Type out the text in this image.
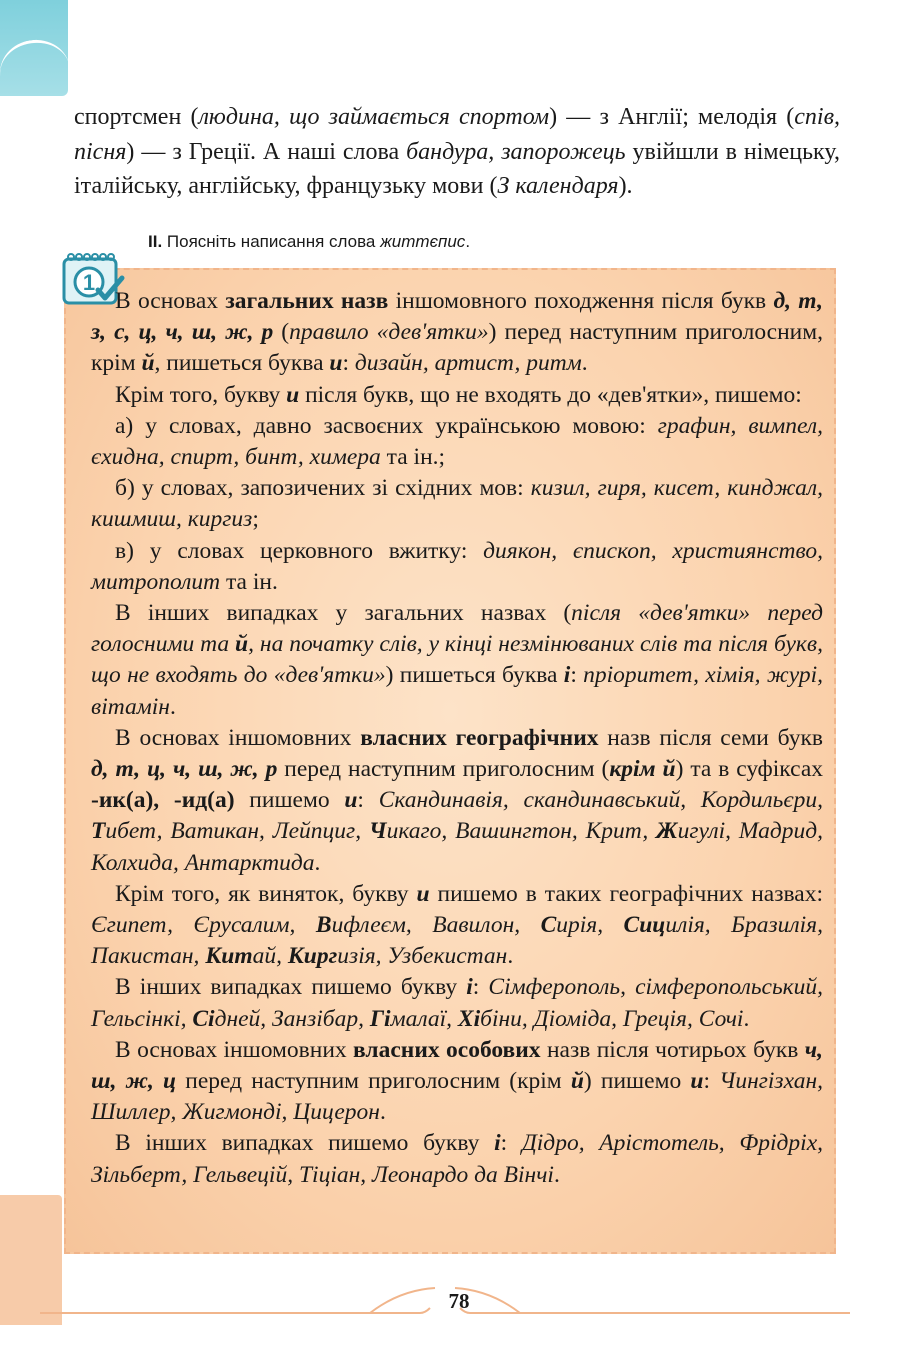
спортсмен (людина, що займається спортом) — з Англії; мелодія (спів, пісня) — з Греції. А наші слова бандура, запорожець увійшли в німецьку, італійську, англійську, французьку мови (З календаря).

II. Поясніть написання слова життєпис.
1

В основах загальних назв іншомовного походження після букв д, т, з, с, ц, ч, ш, ж, р (правило «дев'ятки») перед наступним приголосним, крім й, пишеться буква и: дизайн, артист, ритм.

Крім того, букву и після букв, що не входять до «дев'ятки», пишемо:

а) у словах, давно засвоєних українською мовою: графин, вимпел, єхидна, спирт, бинт, химера та ін.;

б) у словах, запозичених зі східних мов: кизил, гиря, кисет, кинджал, кишмиш, киргиз;

в) у словах церковного вжитку: диякон, єпископ, християнство, митрополит та ін.

В інших випадках у загальних назвах (після «дев'ятки» перед голосними та й, на початку слів, у кінці незмінюваних слів та після букв, що не входять до «дев'ятки») пишеться буква і: пріоритет, хімія, журі, вітамін.

В основах іншомовних власних географічних назв після семи букв д, т, ц, ч, ш, ж, р перед наступним приголосним (крім й) та в суфіксах -ик(а), -ид(а) пишемо и: Скандинавія, скандинавський, Кордильєри, Тибет, Ватикан, Лейпциг, Чикаго, Вашингтон, Крит, Жигулі, Мадрид, Колхида, Антарктида.

Крім того, як виняток, букву и пишемо в таких географічних назвах: Єгипет, Єрусалим, Вифлеєм, Вавилон, Сирія, Сицилія, Бразилія, Пакистан, Китай, Киргизія, Узбекистан.

В інших випадках пишемо букву і: Сімферополь, сімферопольський, Гельсінкі, Сідней, Занзібар, Гімалаї, Хібіни, Діоміда, Греція, Сочі.

В основах іншомовних власних особових назв після чотирьох букв ч, ш, ж, ц перед наступним приголосним (крім й) пишемо и: Чингізхан, Шиллер, Жигмонді, Цицерон.

В інших випадках пишемо букву і: Дідро, Арістотель, Фрідріх, Зільберт, Гельвецій, Тіціан, Леонардо да Вінчі.

78
